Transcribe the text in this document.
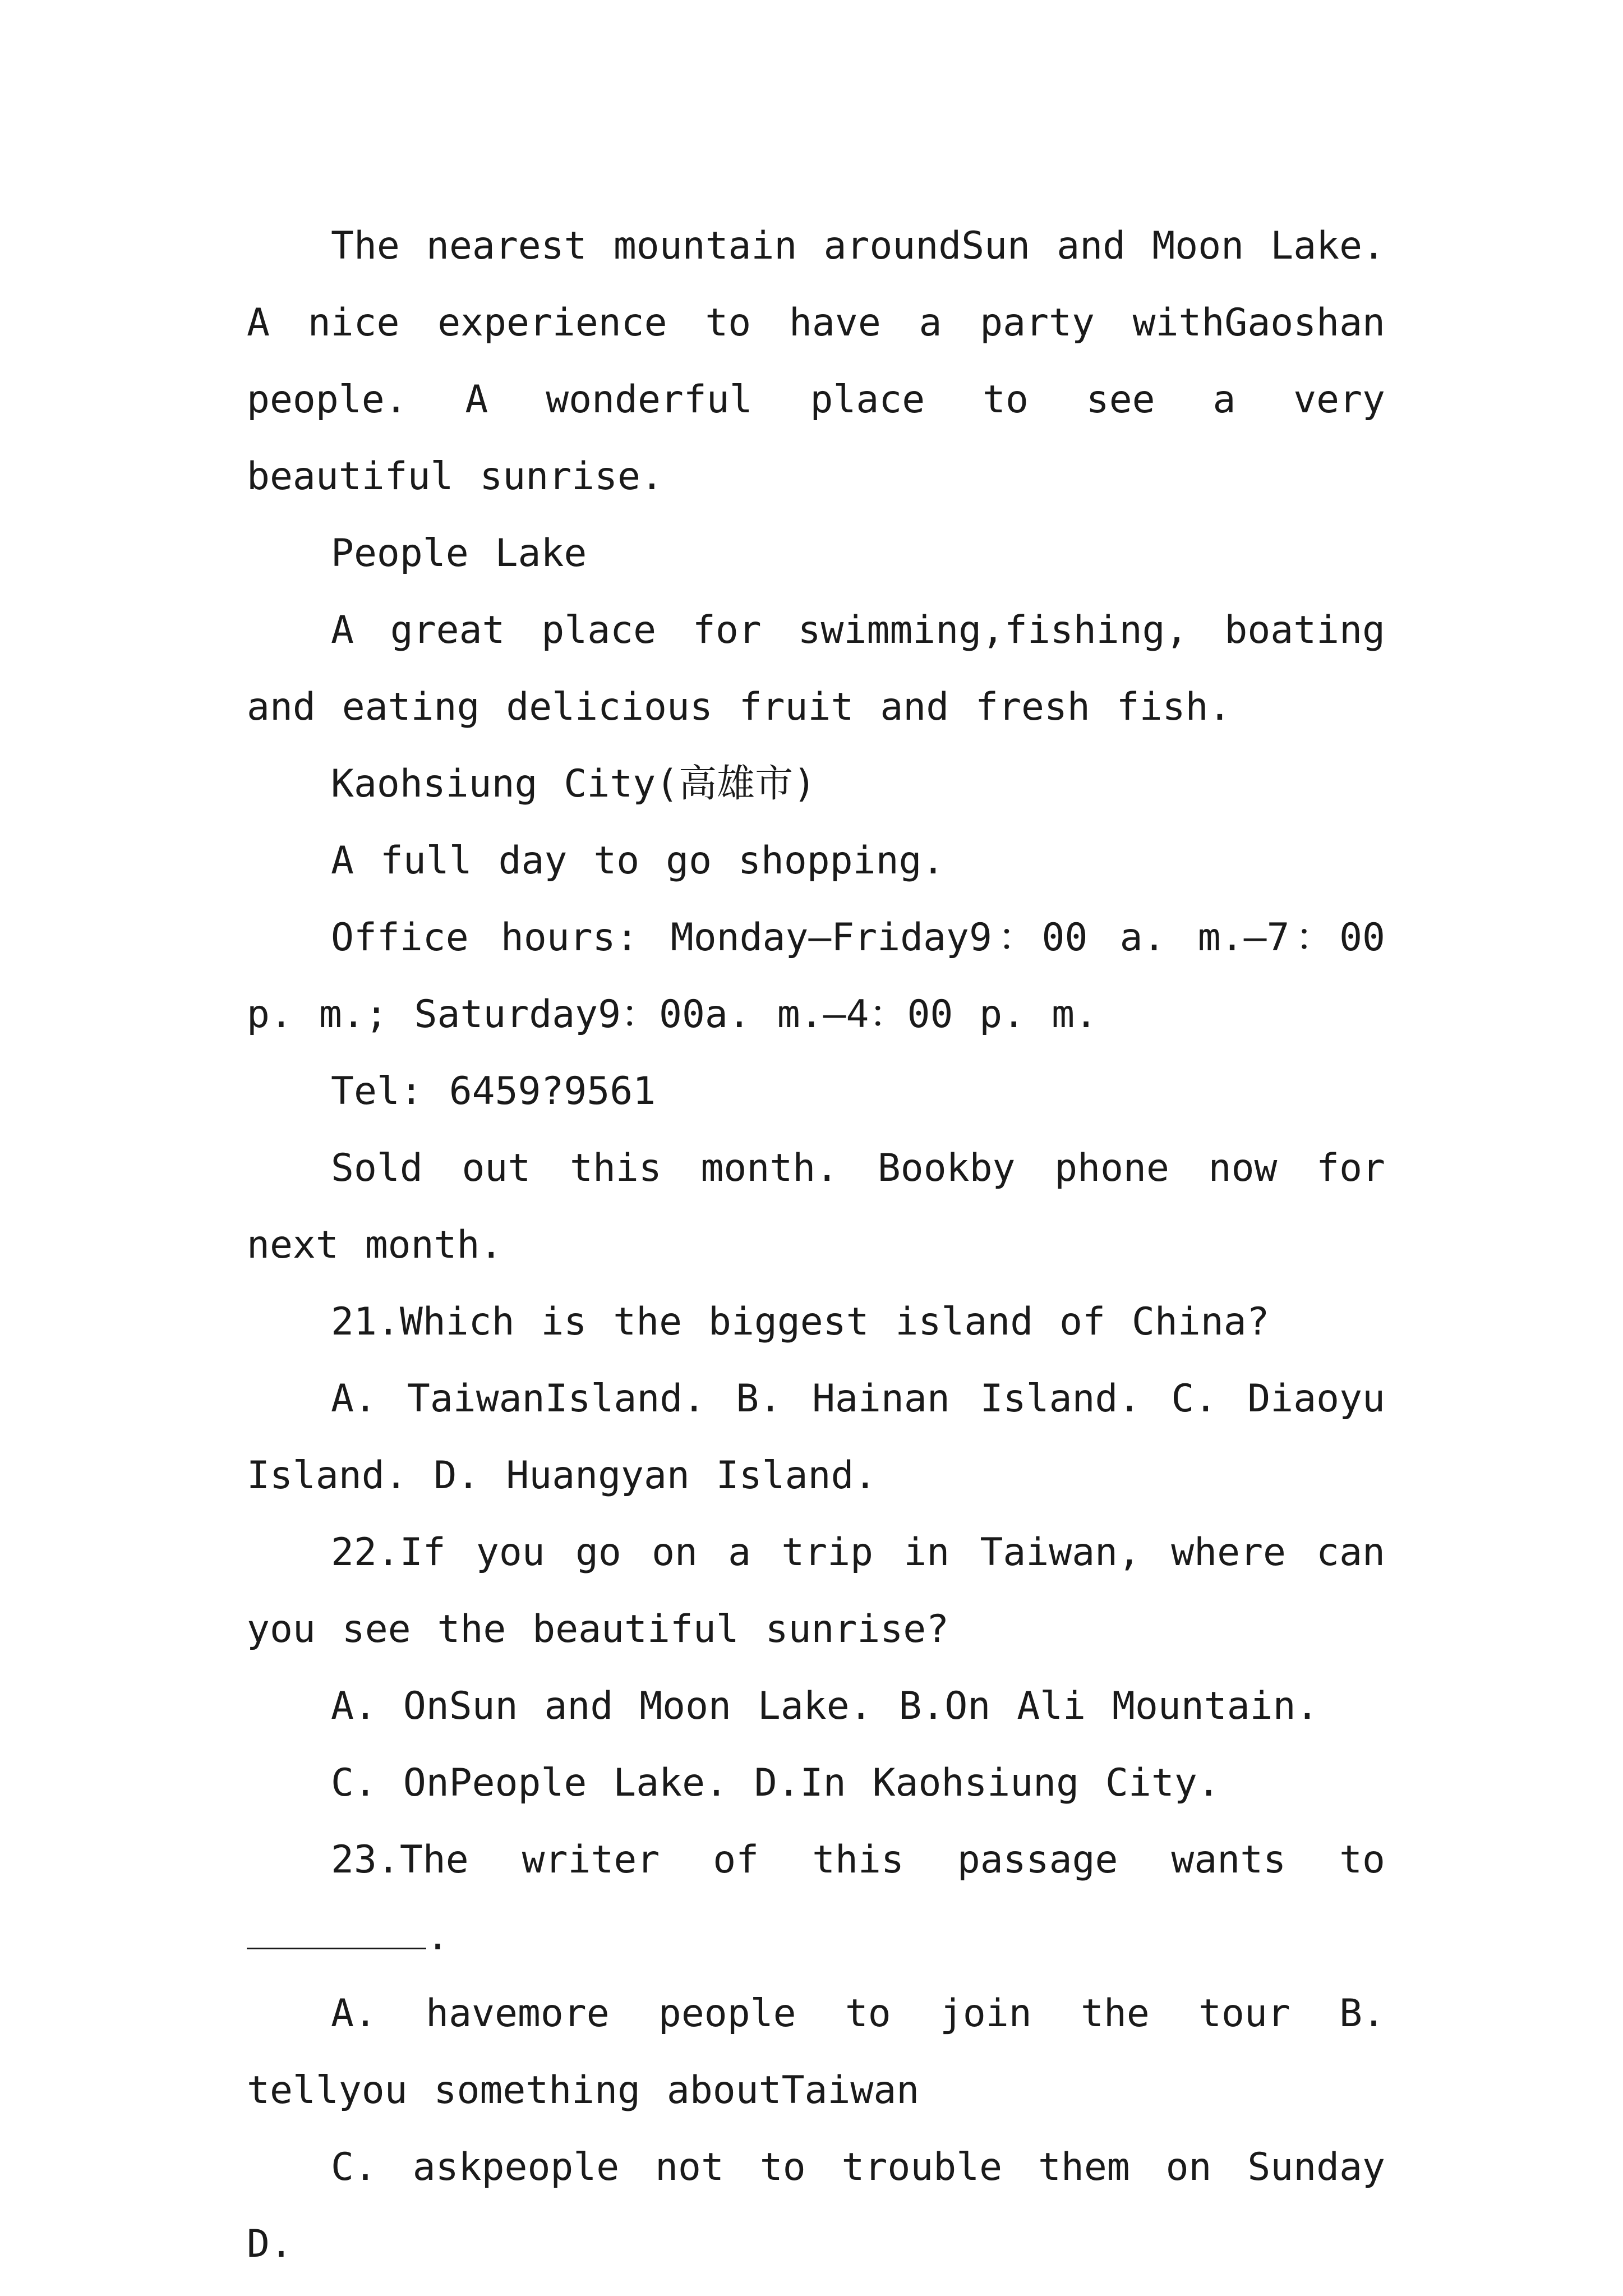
The nearest mountain aroundSun and Moon Lake. A nice experience to have a party withGaoshan people. A wonderful place to see a very beautiful sunrise.

People Lake

A great place for swimming,fishing, boating and eating delicious fruit and fresh fish.

Kaohsiung City(高雄市)

A full day to go shopping.

Office hours: Monday—Friday9：00 a. m.—7：00 p. m.; Saturday9：00a. m.—4：00 p. m.

Tel: 6459?9561

Sold out this month. Bookby phone now for next month.

21.Which is the biggest island of China?

A. TaiwanIsland. B. Hainan Island. C. Diaoyu Island. D. Huangyan Island.

22.If you go on a trip in Taiwan, where can you see the beautiful sunrise?

A. OnSun and Moon Lake. B.On Ali Mountain.

C. OnPeople Lake. D.In Kaohsiung City.

23.The writer of this passage wants to .

A. havemore people to join the tour B. tellyou something aboutTaiwan

C. askpeople not to trouble them on Sunday D.
